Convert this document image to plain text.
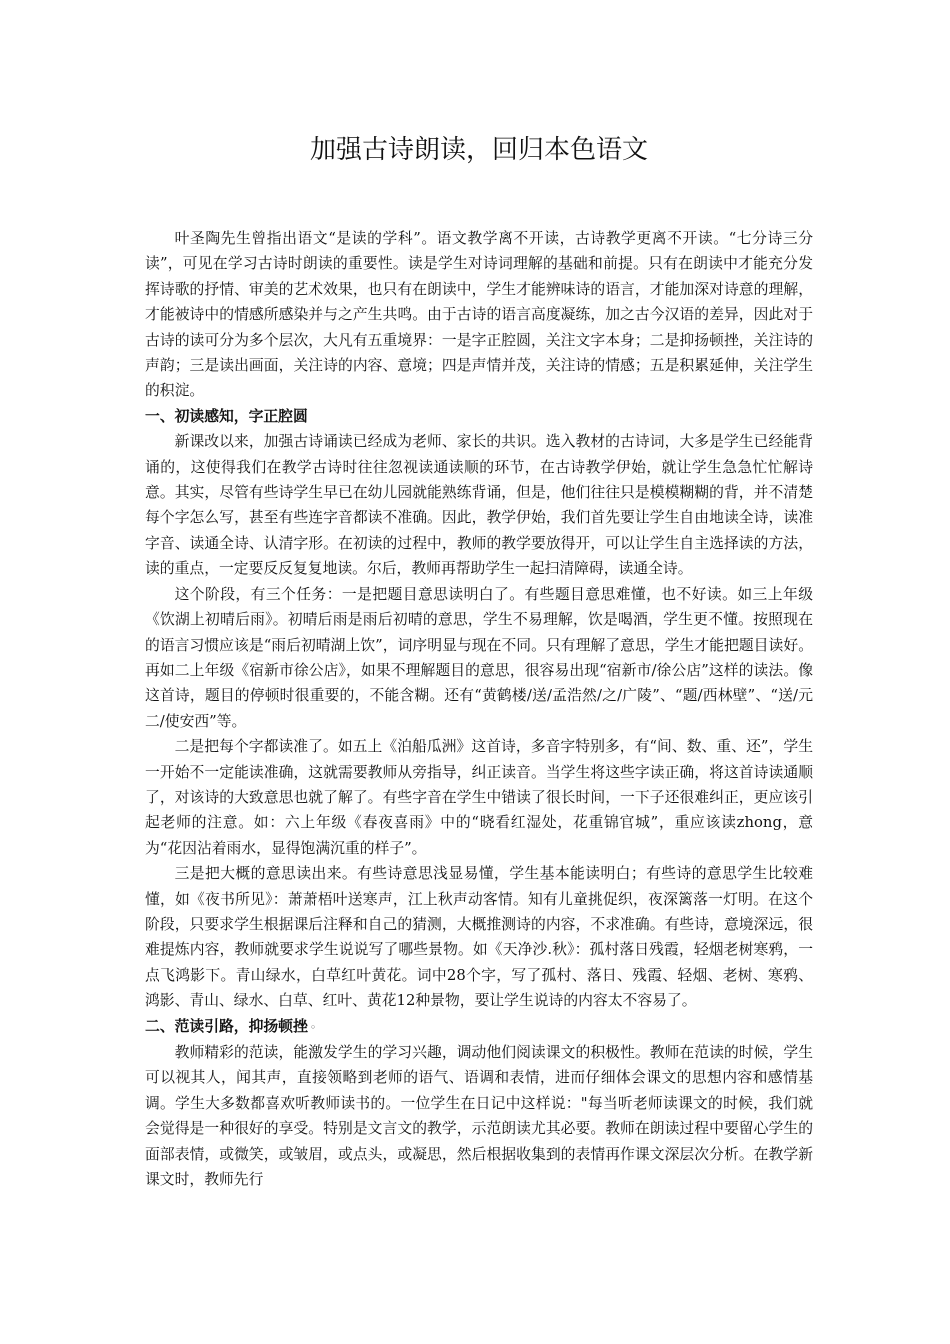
加强古诗朗读，回归本色语文

叶圣陶先生曾指出语文“是读的学科”。语文教学离不开读，古诗教学更离不开读。“七分诗三分读”，可见在学习古诗时朗读的重要性。读是学生对诗词理解的基础和前提。只有在朗读中才能充分发挥诗歌的抒情、审美的艺术效果，也只有在朗读中，学生才能辨味诗的语言，才能加深对诗意的理解，才能被诗中的情感所感染并与之产生共鸣。由于古诗的语言高度凝练，加之古今汉语的差异，因此对于古诗的读可分为多个层次，大凡有五重境界：一是字正腔圆，关注文字本身；二是抑扬顿挫，关注诗的声韵；三是读出画面，关注诗的内容、意境；四是声情并茂，关注诗的情感；五是积累延伸，关注学生的积淀。

一、初读感知，字正腔圆

新课改以来，加强古诗诵读已经成为老师、家长的共识。选入教材的古诗词，大多是学生已经能背诵的，这使得我们在教学古诗时往往忽视读通读顺的环节，在古诗教学伊始，就让学生急急忙忙解诗意。其实，尽管有些诗学生早已在幼儿园就能熟练背诵，但是，他们往往只是模模糊糊的背，并不清楚每个字怎么写，甚至有些连字音都读不准确。因此，教学伊始，我们首先要让学生自由地读全诗，读准字音、读通全诗、认清字形。在初读的过程中，教师的教学要放得开，可以让学生自主选择读的方法，读的重点，一定要反反复复地读。尔后，教师再帮助学生一起扫清障碍，读通全诗。

这个阶段，有三个任务：一是把题目意思读明白了。有些题目意思难懂，也不好读。如三上年级《饮湖上初晴后雨》。初晴后雨是雨后初晴的意思，学生不易理解，饮是喝酒，学生更不懂。按照现在的语言习惯应该是“雨后初晴湖上饮”，词序明显与现在不同。只有理解了意思，学生才能把题目读好。再如二上年级《宿新市徐公店》，如果不理解题目的意思，很容易出现“宿新市/徐公店”这样的读法。像这首诗，题目的停顿时很重要的，不能含糊。还有“黄鹤楼/送/孟浩然/之/广陵”、“题/西林壁”、“送/元二/使安西”等。

二是把每个字都读准了。如五上《泊船瓜洲》这首诗，多音字特别多，有“间、数、重、还”，学生一开始不一定能读准确，这就需要教师从旁指导，纠正读音。当学生将这些字读正确，将这首诗读通顺了，对该诗的大致意思也就了解了。有些字音在学生中错读了很长时间，一下子还很难纠正，更应该引起老师的注意。如：六上年级《春夜喜雨》中的“晓看红湿处，花重锦官城”，重应该读zhong，意为“花因沾着雨水，显得饱满沉重的样子”。

三是把大概的意思读出来。有些诗意思浅显易懂，学生基本能读明白；有些诗的意思学生比较难懂，如《夜书所见》：萧萧梧叶送寒声，江上秋声动客情。知有儿童挑促织，夜深篱落一灯明。在这个阶段，只要求学生根据课后注释和自己的猜测，大概推测诗的内容，不求准确。有些诗，意境深远，很难提炼内容，教师就要求学生说说写了哪些景物。如《天净沙.秋》：孤村落日残霞，轻烟老树寒鸦，一点飞鸿影下。青山绿水，白草红叶黄花。词中28个字，写了孤村、落日、残霞、轻烟、老树、寒鸦、鸿影、青山、绿水、白草、红叶、黄花12种景物，要让学生说诗的内容太不容易了。

二、范读引路，抑扬顿挫 ◦

教师精彩的范读，能激发学生的学习兴趣，调动他们阅读课文的积极性。教师在范读的时候，学生可以视其人，闻其声，直接领略到老师的语气、语调和表情，进而仔细体会课文的思想内容和感情基调。学生大多数都喜欢听教师读书的。一位学生在日记中这样说："每当听老师读课文的时候，我们就会觉得是一种很好的享受。特别是文言文的教学，示范朗读尤其必要。教师在朗读过程中要留心学生的面部表情，或微笑，或皱眉，或点头，或凝思，然后根据收集到的表情再作课文深层次分析。在教学新课文时，教师先行
